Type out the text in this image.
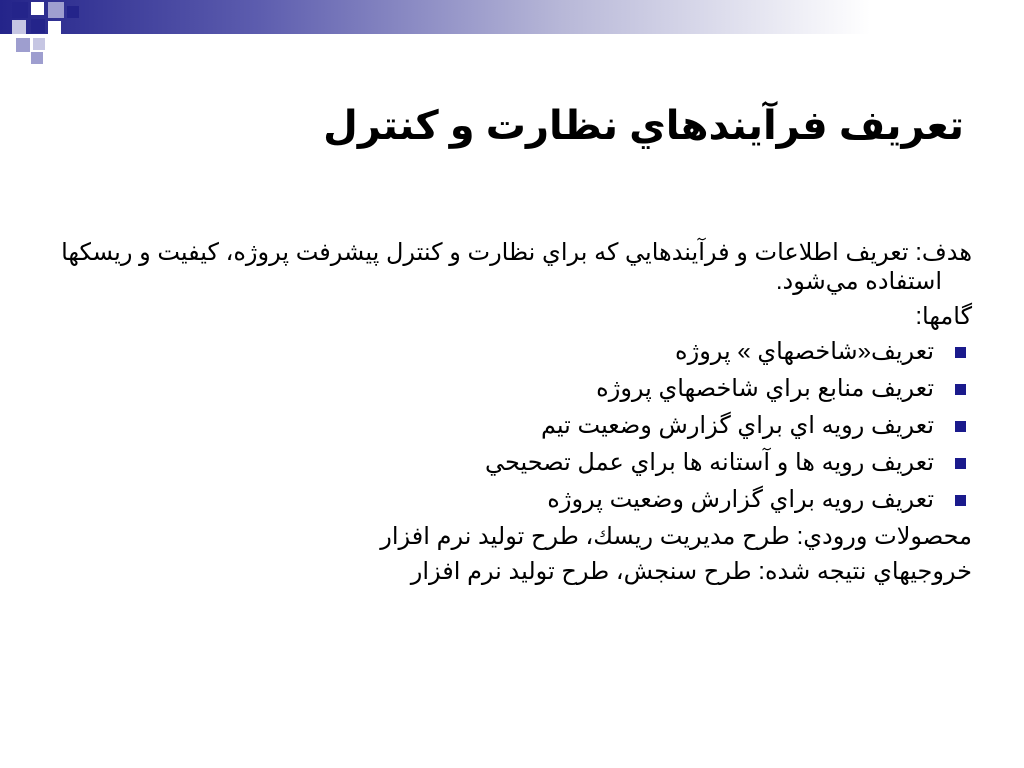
تعريف فرآيندهاي نظارت و کنترل

هدف: تعريف اطلاعات و فرآيندهايي که براي نظارت و کنترل پيشرفت پروژه، کيفيت و ريسکها استفاده مي‌شود.

گامها:

تعريف«شاخصهاي » پروژه
تعريف منابع براي شاخصهاي پروژه
تعريف رويه اي براي گزارش وضعيت تيم
تعريف رويه ها و آستانه ها براي عمل تصحيحي
تعريف رويه براي گزارش وضعيت پروژه

محصولات ورودي: طرح مديريت ريسك، طرح توليد نرم افزار

خروجيهاي نتيجه شده: طرح سنجش، طرح توليد نرم افزار
